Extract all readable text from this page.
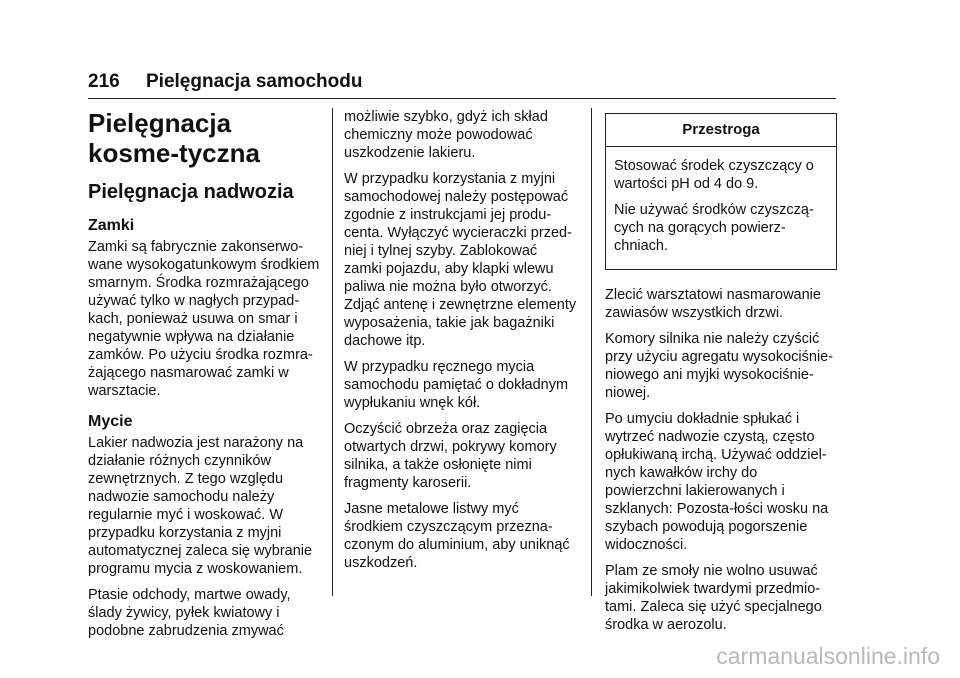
216 Pielęgnacja samochodu
Pielęgnacja kosme-tyczna
Pielęgnacja nadwozia
Zamki

Zamki są fabrycznie zakonserwo-wane wysokogatunkowym środkiem smarnym. Środka rozmrażającego używać tylko w nagłych przypad-kach, ponieważ usuwa on smar i negatywnie wpływa na działanie zamków. Po użyciu środka rozmra-żającego nasmarować zamki w warsztacie.

Mycie

Lakier nadwozia jest narażony na działanie różnych czynników zewnętrznych. Z tego względu nadwozie samochodu należy regularnie myć i woskować. W przypadku korzystania z myjni automatycznej zaleca się wybranie programu mycia z woskowaniem.

Ptasie odchody, martwe owady, ślady żywicy, pyłek kwiatowy i podobne zabrudzenia zmywać

możliwie szybko, gdyż ich skład chemiczny może powodować uszkodzenie lakieru.

W przypadku korzystania z myjni samochodowej należy postępować zgodnie z instrukcjami jej produ-centa. Wyłączyć wycieraczki przed-niej i tylnej szyby. Zablokować zamki pojazdu, aby klapki wlewu paliwa nie można było otworzyć. Zdjąć antenę i zewnętrzne elementy wyposażenia, takie jak bagażniki dachowe itp.

W przypadku ręcznego mycia samochodu pamiętać o dokładnym wypłukaniu wnęk kół.

Oczyścić obrzeża oraz zagięcia otwartych drzwi, pokrywy komory silnika, a także osłonięte nimi fragmenty karoserii.

Jasne metalowe listwy myć środkiem czyszczącym przezna-czonym do aluminium, aby uniknąć uszkodzeń.

Przestroga

Stosować środek czyszczący o wartości pH od 4 do 9.

Nie używać środków czyszczą-cych na gorących powierz-chniach.

Zlecić warsztatowi nasmarowanie zawiasów wszystkich drzwi.

Komory silnika nie należy czyścić przy użyciu agregatu wysokociśnie-niowego ani myjki wysokociśnie-niowej.

Po umyciu dokładnie spłukać i wytrzeć nadwozie czystą, często opłukiwaną irchą. Używać oddziel-nych kawałków irchy do powierzchni lakierowanych i szklanych: Pozosta-łości wosku na szybach powodują pogorszenie widoczności.

Plam ze smoły nie wolno usuwać jakimikolwiek twardymi przedmio-tami. Zaleca się użyć specjalnego środka w aerozolu.

carmanualsonline.info
